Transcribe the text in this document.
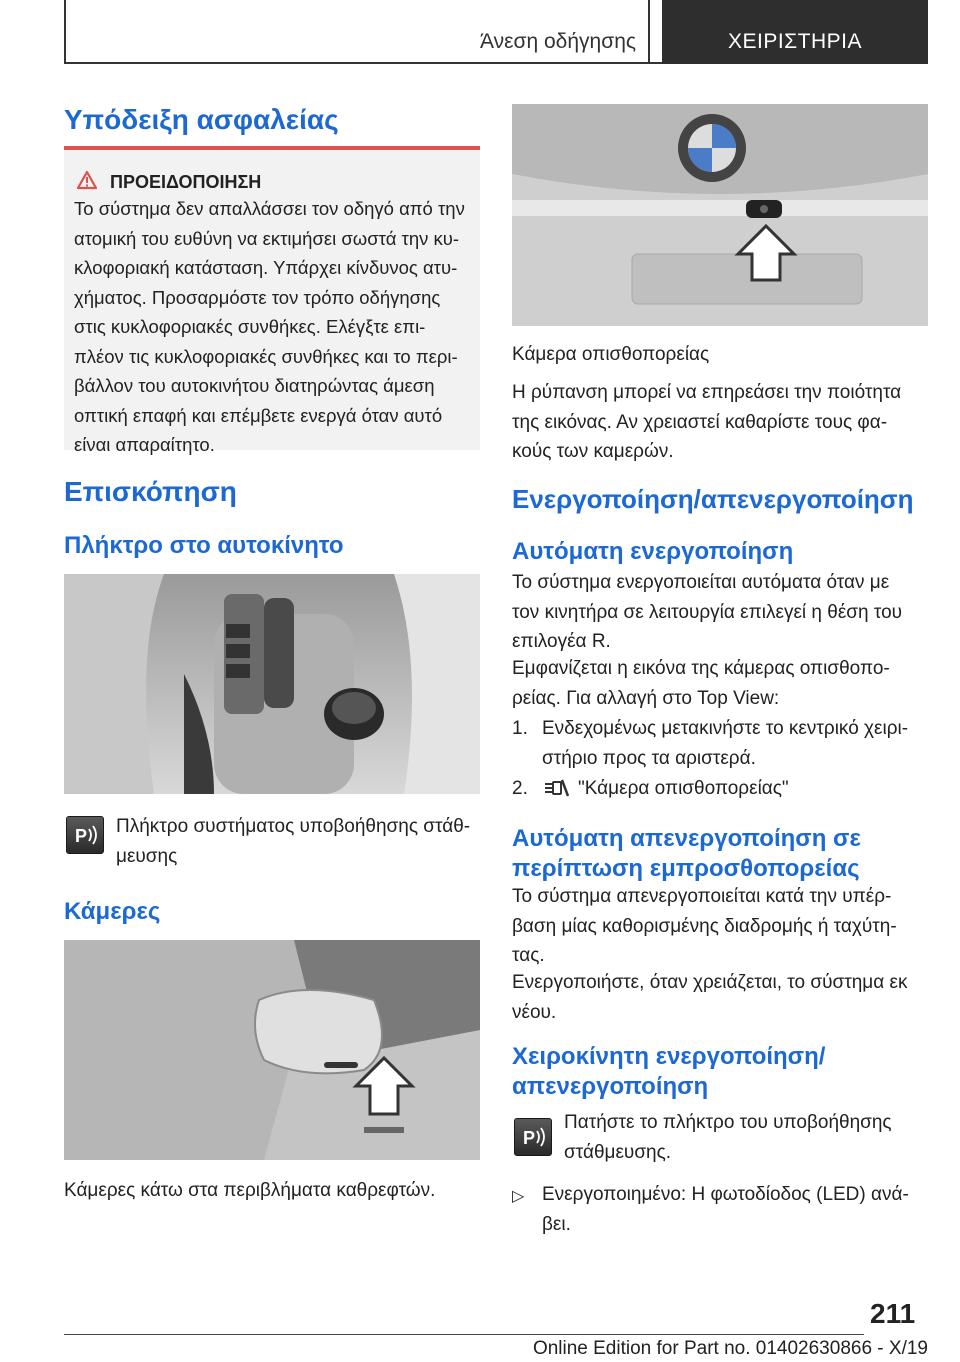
Άνεση οδήγησης	ΧΕΙΡΙΣΤΗΡΙΑ
Υπόδειξη ασφαλείας
ΠΡΟΕΙΔΟΠΟΙΗΣΗ
Το σύστημα δεν απαλλάσσει τον οδηγό από την
ατομική του ευθύνη να εκτιμήσει σωστά την κυ-
κλοφοριακή κατάσταση. Υπάρχει κίνδυνος ατυ-
χήματος. Προσαρμόστε τον τρόπο οδήγησης
στις κυκλοφοριακές συνθήκες. Ελέγξτε επι-
πλέον τις κυκλοφοριακές συνθήκες και το περι-
βάλλον του αυτοκινήτου διατηρώντας άμεση
οπτική επαφή και επέμβετε ενεργά όταν αυτό
είναι απαραίτητο.
Επισκόπηση
Πλήκτρο στο αυτοκίνητο
P Πλήκτρο συστήματος υποβοήθησης στάθ-
μευσης
Κάμερες
Κάμερες κάτω στα περιβλήματα καθρεφτών.
Κάμερα οπισθοπορείας
Η ρύπανση μπορεί να επηρεάσει την ποιότητα
της εικόνας. Αν χρειαστεί καθαρίστε τους φα-
κούς των καμερών.
Ενεργοποίηση/απενεργοποίηση
Αυτόματη ενεργοποίηση
Το σύστημα ενεργοποιείται αυτόματα όταν με
τον κινητήρα σε λειτουργία επιλεγεί η θέση του
επιλογέα R.
Εμφανίζεται η εικόνα της κάμερας οπισθοπο-
ρείας. Για αλλαγή στο Top View:
1. Ενδεχομένως μετακινήστε το κεντρικό χειρι-
στήριο προς τα αριστερά.
2.	"Κάμερα οπισθοπορείας"
Αυτόματη απενεργοποίηση σε
περίπτωση εμπροσθοπορείας
Το σύστημα απενεργοποιείται κατά την υπέρ-
βαση μίας καθορισμένης διαδρομής ή ταχύτη-
τας.
Ενεργοποιήστε, όταν χρειάζεται, το σύστημα εκ
νέου.
Χειροκίνητη ενεργοποίηση/
απενεργοποίηση
P
Πατήστε το πλήκτρο του υποβοήθησης
στάθμευσης.
▷ Ενεργοποιημένο: Η φωτοδίοδος (LED) ανά-
βει.
211
Online Edition for Part no. 01402630866 - X/19
